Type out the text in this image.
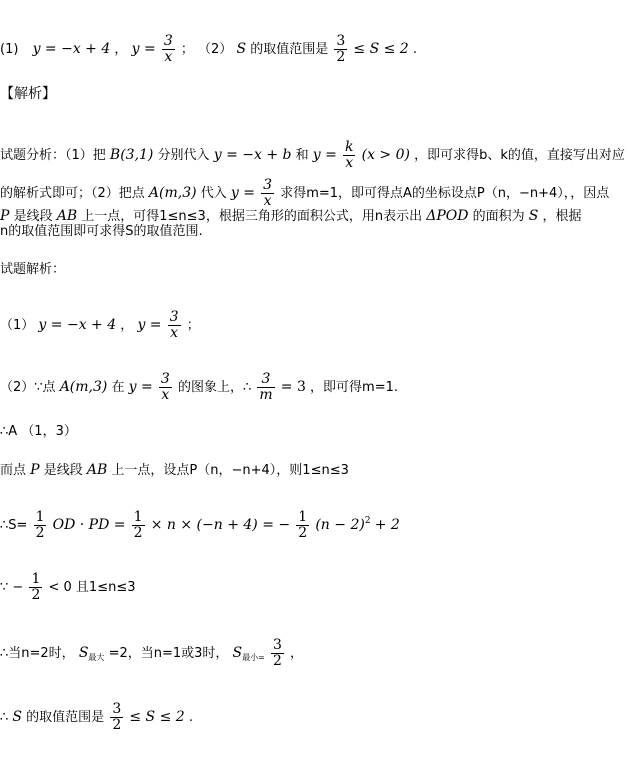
(1) y = −x + 4 ， $y = \frac{3}{x}$ ； （2） S 的取值范围是 $\frac{3}{2} \le S \le 2$ .
【解析】
试题分析：（1）把 B(3,1) 分别代入 y = −x + b 和 $y = \frac{k}{x} (x > 0)$ ，即可求得b、k的值，直接写出对应
的解析式即可；（2）把点 A(m,3) 代入 $y = \frac{3}{x}$ 求得m=1，即可得点A的坐标设点P（n，−n+4），，因点
P 是线段 AB 上一点，可得1≤n≤3，根据三角形的面积公式，用n表示出 ΔPOD 的面积为 S ，根据
n的取值范围即可求得S的取值范围.
试题解析：
（1） y = −x + 4 ， $y = \frac{3}{x}$ ；
（2）∵点 A(m,3) 在 $y = \frac{3}{x}$ 的图象上，∴ $\frac{3}{m} = 3$ ，即可得m=1.
∴A （1，3）
而点 P 是线段 AB 上一点，设点P（n，−n+4），则1≤n≤3
∴S= $\frac{1}{2}$ OD · PD = $\frac{1}{2} \times n \times (-n + 4)$ = − $\frac{1}{2} (n - 2)^2 + 2$
∵ − $\frac{1}{2} < 0$ 且1≤n≤3
∴当n=2时， $S_{最大} =2$，当n=1或3时， $S_{最小=} \frac{3}{2}$ ，
∴ S 的取值范围是 $\frac{3}{2} \le S \le 2$ .
